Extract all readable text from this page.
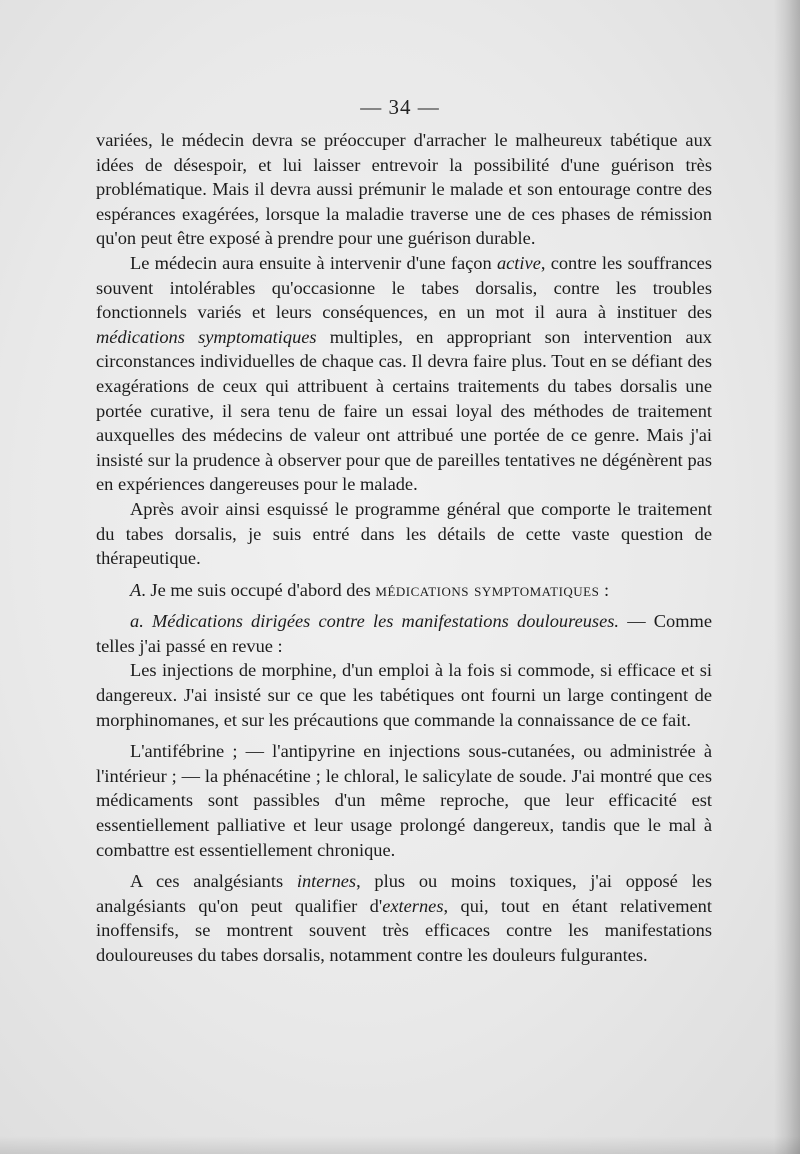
— 34 —

variées, le médecin devra se préoccuper d'arracher le malheureux tabétique aux idées de désespoir, et lui laisser entrevoir la possibilité d'une guérison très problématique. Mais il devra aussi prémunir le malade et son entourage contre des espérances exagérées, lorsque la maladie traverse une de ces phases de rémission qu'on peut être exposé à prendre pour une guérison durable.

Le médecin aura ensuite à intervenir d'une façon active, contre les souffrances souvent intolérables qu'occasionne le tabes dorsalis, contre les troubles fonctionnels variés et leurs conséquences, en un mot il aura à instituer des médications symptomatiques multiples, en appropriant son intervention aux circonstances individuelles de chaque cas. Il devra faire plus. Tout en se défiant des exagérations de ceux qui attribuent à certains traitements du tabes dorsalis une portée curative, il sera tenu de faire un essai loyal des méthodes de traitement auxquelles des médecins de valeur ont attribué une portée de ce genre. Mais j'ai insisté sur la prudence à observer pour que de pareilles tentatives ne dégénèrent pas en expériences dangereuses pour le malade.

Après avoir ainsi esquissé le programme général que comporte le traitement du tabes dorsalis, je suis entré dans les détails de cette vaste question de thérapeutique.

A. Je me suis occupé d'abord des médications symptomatiques :

a. Médications dirigées contre les manifestations douloureuses. — Comme telles j'ai passé en revue :

Les injections de morphine, d'un emploi à la fois si commode, si efficace et si dangereux. J'ai insisté sur ce que les tabétiques ont fourni un large contingent de morphinomanes, et sur les précautions que commande la connaissance de ce fait.

L'antifébrine ; — l'antipyrine en injections sous-cutanées, ou administrée à l'intérieur ; — la phénacétine ; le chloral, le salicylate de soude. J'ai montré que ces médicaments sont passibles d'un même reproche, que leur efficacité est essentiellement palliative et leur usage prolongé dangereux, tandis que le mal à combattre est essentiellement chronique.

A ces analgésiants internes, plus ou moins toxiques, j'ai opposé les analgésiants qu'on peut qualifier d'externes, qui, tout en étant relativement inoffensifs, se montrent souvent très efficaces contre les manifestations douloureuses du tabes dorsalis, notamment contre les douleurs fulgurantes.
